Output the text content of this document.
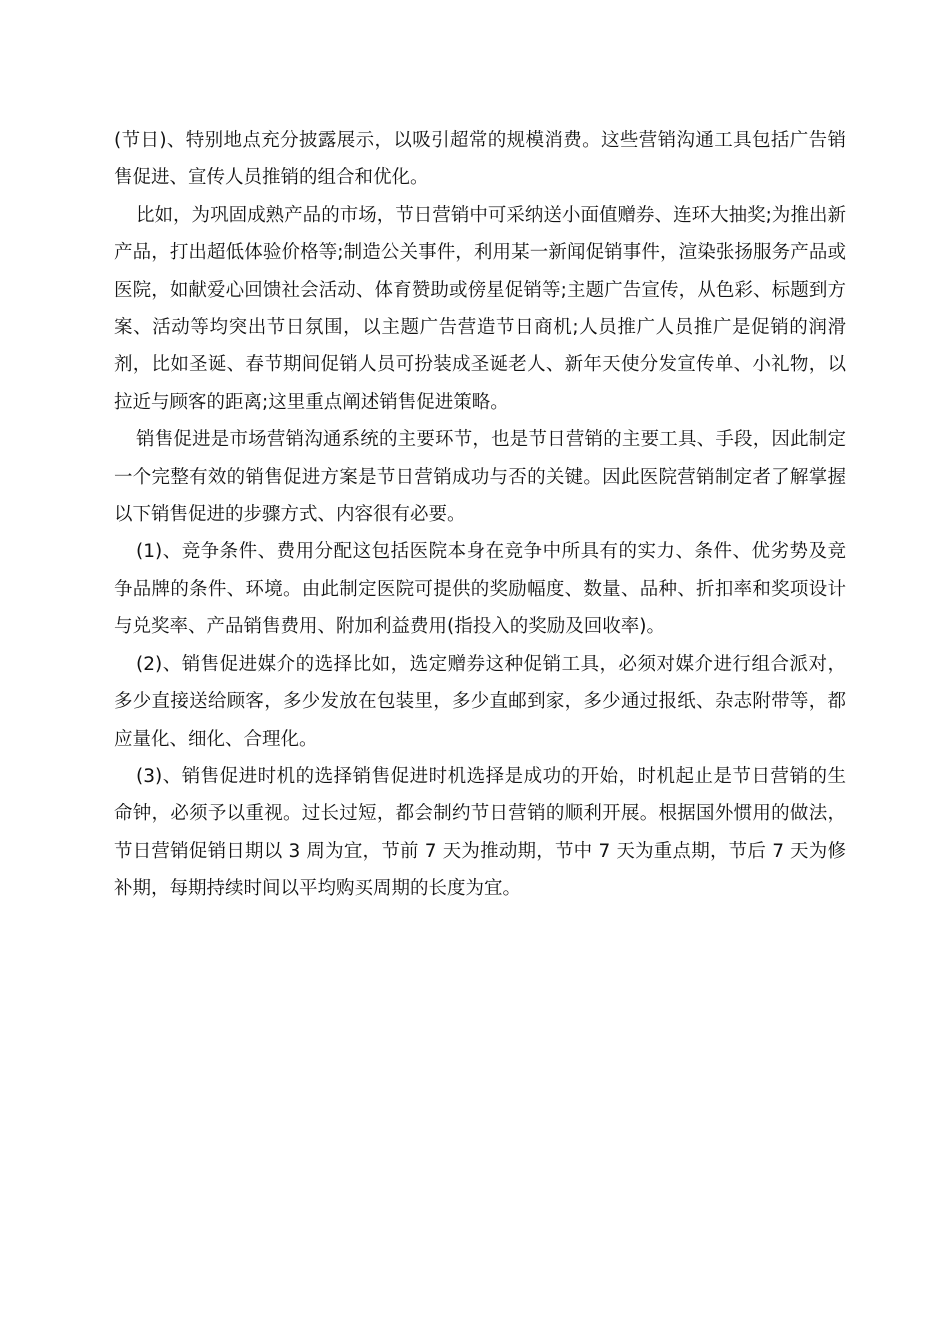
(节日)、特别地点充分披露展示，以吸引超常的规模消费。这些营销沟通工具包括广告销售促进、宣传人员推销的组合和优化。

比如，为巩固成熟产品的市场，节日营销中可采纳送小面值赠券、连环大抽奖;为推出新产品，打出超低体验价格等;制造公关事件，利用某一新闻促销事件，渲染张扬服务产品或医院，如献爱心回馈社会活动、体育赞助或傍星促销等;主题广告宣传，从色彩、标题到方案、活动等均突出节日氛围，以主题广告营造节日商机;人员推广人员推广是促销的润滑剂，比如圣诞、春节期间促销人员可扮装成圣诞老人、新年天使分发宣传单、小礼物，以拉近与顾客的距离;这里重点阐述销售促进策略。

销售促进是市场营销沟通系统的主要环节，也是节日营销的主要工具、手段，因此制定一个完整有效的销售促进方案是节日营销成功与否的关键。因此医院营销制定者了解掌握以下销售促进的步骤方式、内容很有必要。

(1)、竞争条件、费用分配这包括医院本身在竞争中所具有的实力、条件、优劣势及竞争品牌的条件、环境。由此制定医院可提供的奖励幅度、数量、品种、折扣率和奖项设计与兑奖率、产品销售费用、附加利益费用(指投入的奖励及回收率)。

(2)、销售促进媒介的选择比如，选定赠券这种促销工具，必须对媒介进行组合派对，多少直接送给顾客，多少发放在包装里，多少直邮到家，多少通过报纸、杂志附带等，都应量化、细化、合理化。

(3)、销售促进时机的选择销售促进时机选择是成功的开始，时机起止是节日营销的生命钟，必须予以重视。过长过短，都会制约节日营销的顺利开展。根据国外惯用的做法，节日营销促销日期以 3 周为宜，节前 7 天为推动期，节中 7 天为重点期，节后 7 天为修补期，每期持续时间以平均购买周期的长度为宜。
